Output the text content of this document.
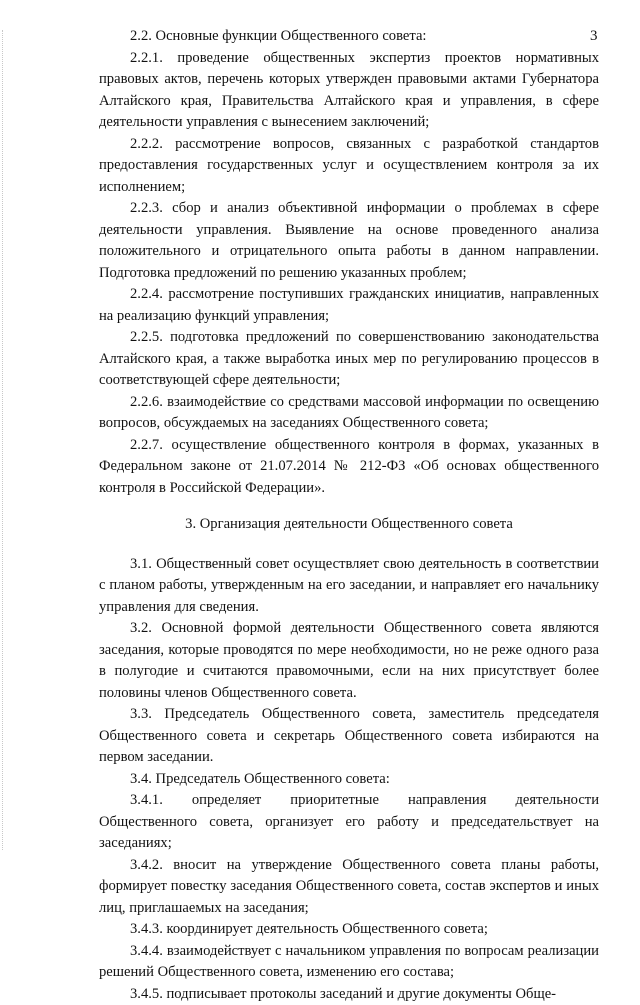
3

2.2. Основные функции Общественного совета:

2.2.1. проведение общественных экспертиз проектов нормативных правовых актов, перечень которых утвержден правовыми актами Губернатора Алтайского края, Правительства Алтайского края и управления, в сфере деятельности управления с вынесением заключений;

2.2.2. рассмотрение вопросов, связанных с разработкой стандартов предоставления государственных услуг и осуществлением контроля за их исполнением;

2.2.3. сбор и анализ объективной информации о проблемах в сфере деятельности управления. Выявление на основе проведенного анализа положительного и отрицательного опыта работы в данном направлении. Подготовка предложений по решению указанных проблем;

2.2.4. рассмотрение поступивших гражданских инициатив, направленных на реализацию функций управления;

2.2.5. подготовка предложений по совершенствованию законодательства Алтайского края, а также выработка иных мер по регулированию процессов в соответствующей сфере деятельности;

2.2.6. взаимодействие со средствами массовой информации по освещению вопросов, обсуждаемых на заседаниях Общественного совета;

2.2.7. осуществление общественного контроля в формах, указанных в Федеральном законе от 21.07.2014 № 212-ФЗ «Об основах общественного контроля в Российской Федерации».

3. Организация деятельности Общественного совета

3.1. Общественный совет осуществляет свою деятельность в соответствии с планом работы, утвержденным на его заседании, и направляет его начальнику управления для сведения.

3.2. Основной формой деятельности Общественного совета являются заседания, которые проводятся по мере необходимости, но не реже одного раза в полугодие и считаются правомочными, если на них присутствует более половины членов Общественного совета.

3.3. Председатель Общественного совета, заместитель председателя Общественного совета и секретарь Общественного совета избираются на первом заседании.

3.4. Председатель Общественного совета:

3.4.1. определяет приоритетные направления деятельности Общественного совета, организует его работу и председательствует на заседаниях;

3.4.2. вносит на утверждение Общественного совета планы работы, формирует повестку заседания Общественного совета, состав экспертов и иных лиц, приглашаемых на заседания;

3.4.3. координирует деятельность Общественного совета;

3.4.4. взаимодействует с начальником управления по вопросам реализации решений Общественного совета, изменению его состава;

3.4.5. подписывает протоколы заседаний и другие документы Обще-
